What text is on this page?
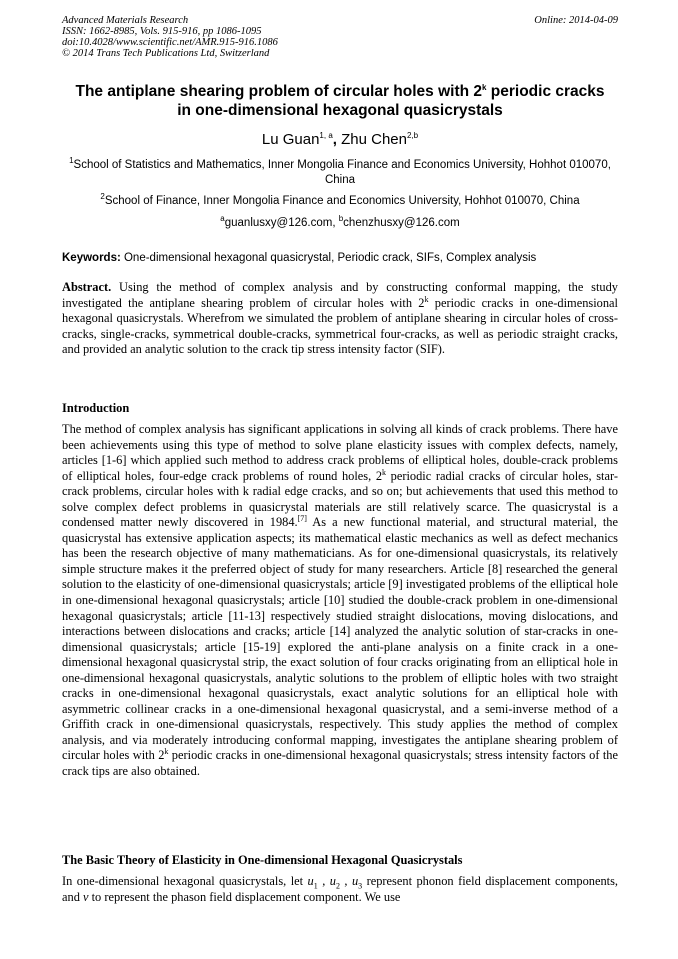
Advanced Materials Research
ISSN: 1662-8985, Vols. 915-916, pp 1086-1095
doi:10.4028/www.scientific.net/AMR.915-916.1086
© 2014 Trans Tech Publications Ltd, Switzerland
Online: 2014-04-09
The antiplane shearing problem of circular holes with 2$^k$ periodic cracks
in one-dimensional hexagonal quasicrystals
Lu Guan$^{1, a}$, Zhu Chen$^{2,b}$
$^1$School of Statistics and Mathematics, Inner Mongolia Finance and Economics University, Hohhot 010070, China
$^2$School of Finance, Inner Mongolia Finance and Economics University, Hohhot 010070, China
$^a$guanlusxy@126.com, $^b$chenzhusxy@126.com
Keywords: One-dimensional hexagonal quasicrystal, Periodic crack, SIFs, Complex analysis
Abstract. Using the method of complex analysis and by constructing conformal mapping, the study investigated the antiplane shearing problem of circular holes with 2$^k$ periodic cracks in one-dimensional hexagonal quasicrystals. Wherefrom we simulated the problem of antiplane shearing in circular holes of cross-cracks, single-cracks, symmetrical double-cracks, symmetrical four-cracks, as well as periodic straight cracks, and provided an analytic solution to the crack tip stress intensity factor (SIF).
Introduction
The method of complex analysis has significant applications in solving all kinds of crack problems. There have been achievements using this type of method to solve plane elasticity issues with complex defects, namely, articles [1-6] which applied such method to address crack problems of elliptical holes, double-crack problems of elliptical holes, four-edge crack problems of round holes, 2$^k$ periodic radial cracks of circular holes, star-crack problems, circular holes with k radial edge cracks, and so on; but achievements that used this method to solve complex defect problems in quasicrystal materials are still relatively scarce. The quasicrystal is a condensed matter newly discovered in 1984.[7] As a new functional material, and structural material, the quasicrystal has extensive application aspects; its mathematical elastic mechanics as well as defect mechanics has been the research objective of many mathematicians. As for one-dimensional quasicrystals, its relatively simple structure makes it the preferred object of study for many researchers. Article [8] researched the general solution to the elasticity of one-dimensional quasicrystals; article [9] investigated problems of the elliptical hole in one-dimensional hexagonal quasicrystals; article [10] studied the double-crack problem in one-dimensional hexagonal quasicrystals; article [11-13] respectively studied straight dislocations, moving dislocations, and interactions between dislocations and cracks; article [14] analyzed the analytic solution of star-cracks in one-dimensional quasicrystals; article [15-19] explored the anti-plane analysis on a finite crack in a one-dimensional hexagonal quasicrystal strip, the exact solution of four cracks originating from an elliptical hole in one-dimensional hexagonal quasicrystals, analytic solutions to the problem of elliptic holes with two straight cracks in one-dimensional hexagonal quasicrystals, exact analytic solutions for an elliptical hole with asymmetric collinear cracks in a one-dimensional hexagonal quasicrystal, and a semi-inverse method of a Griffith crack in one-dimensional quasicrystals, respectively. This study applies the method of complex analysis, and via moderately introducing conformal mapping, investigates the antiplane shearing problem of circular holes with 2$^k$ periodic cracks in one-dimensional hexagonal quasicrystals; stress intensity factors of the crack tips are also obtained.
The Basic Theory of Elasticity in One-dimensional Hexagonal Quasicrystals
In one-dimensional hexagonal quasicrystals, let $u_1$ , $u_2$ , $u_3$ represent phonon field displacement components, and v to represent the phason field displacement component. We use
